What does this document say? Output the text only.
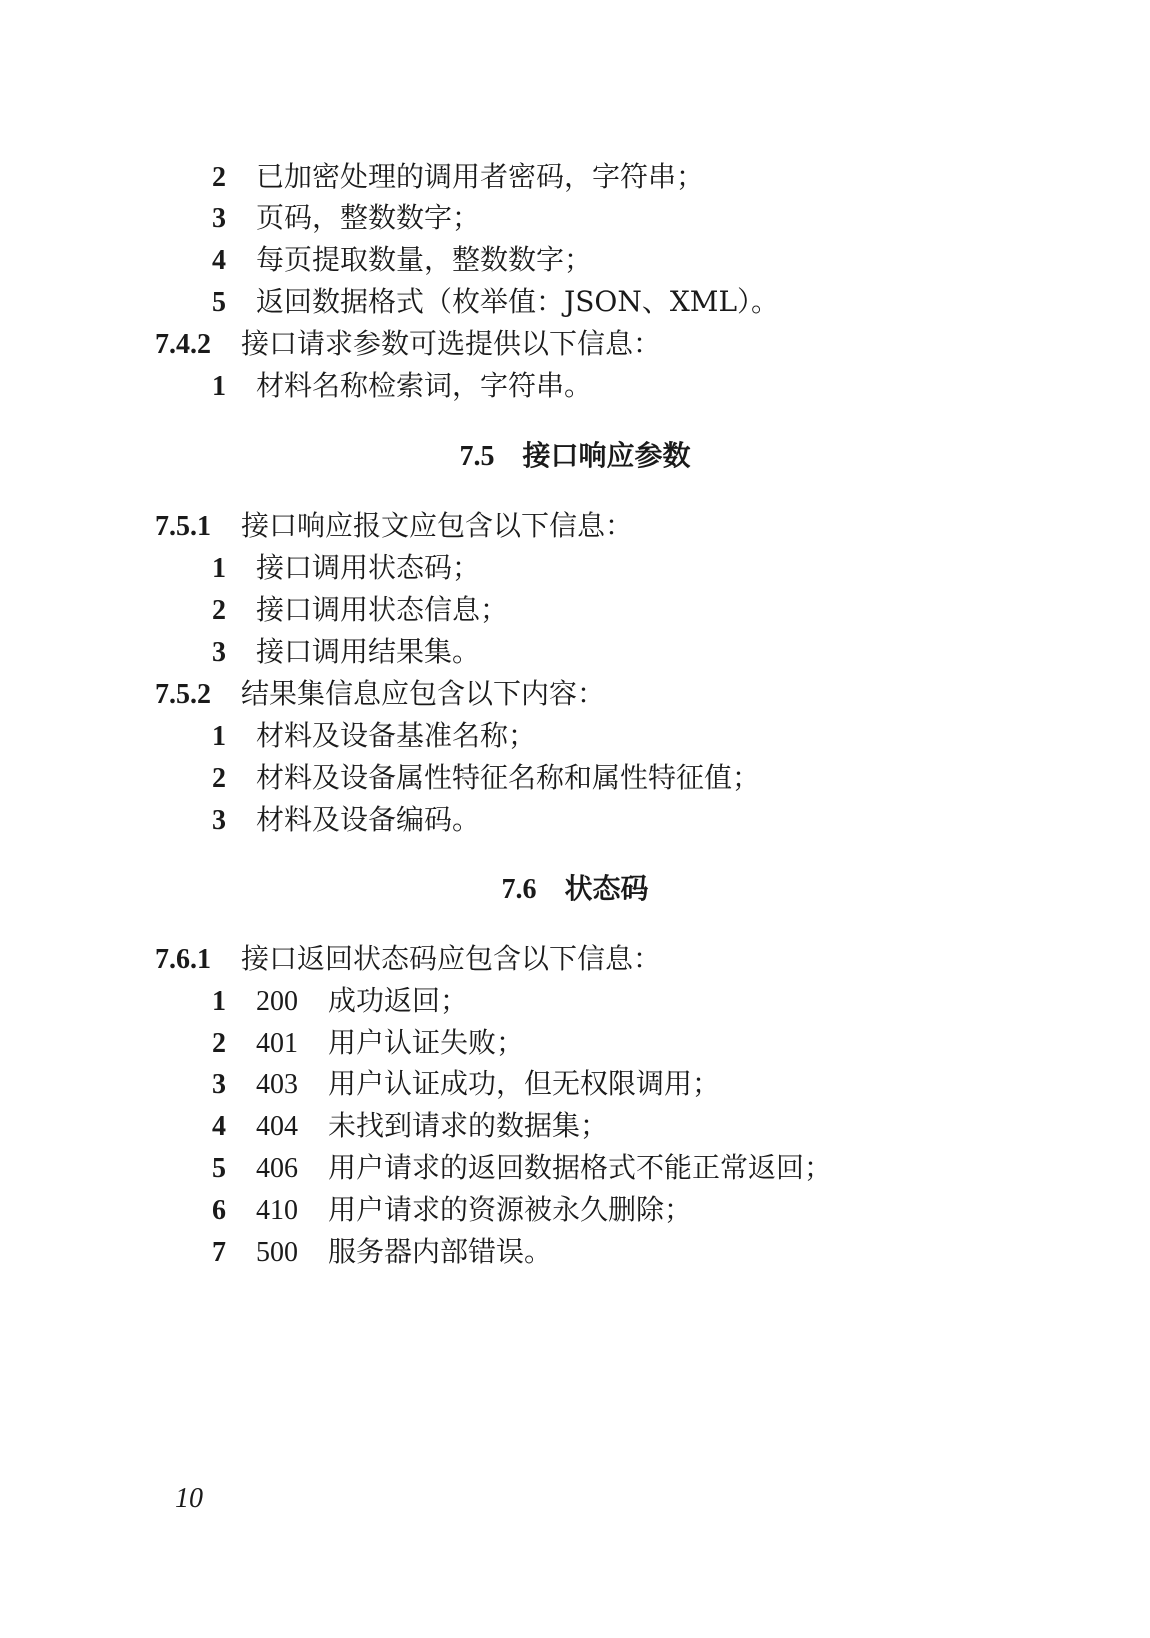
2 已加密处理的调用者密码，字符串；
3 页码，整数数字；
4 每页提取数量，整数数字；
5 返回数据格式（枚举值：JSON、XML）。
7.4.2 接口请求参数可选提供以下信息：
1 材料名称检索词，字符串。
7.5 接口响应参数
7.5.1 接口响应报文应包含以下信息：
1 接口调用状态码；
2 接口调用状态信息；
3 接口调用结果集。
7.5.2 结果集信息应包含以下内容：
1 材料及设备基准名称；
2 材料及设备属性特征名称和属性特征值；
3 材料及设备编码。
7.6 状态码
7.6.1 接口返回状态码应包含以下信息：
1 200 成功返回；
2 401 用户认证失败；
3 403 用户认证成功，但无权限调用；
4 404 未找到请求的数据集；
5 406 用户请求的返回数据格式不能正常返回；
6 410 用户请求的资源被永久删除；
7 500 服务器内部错误。
10
